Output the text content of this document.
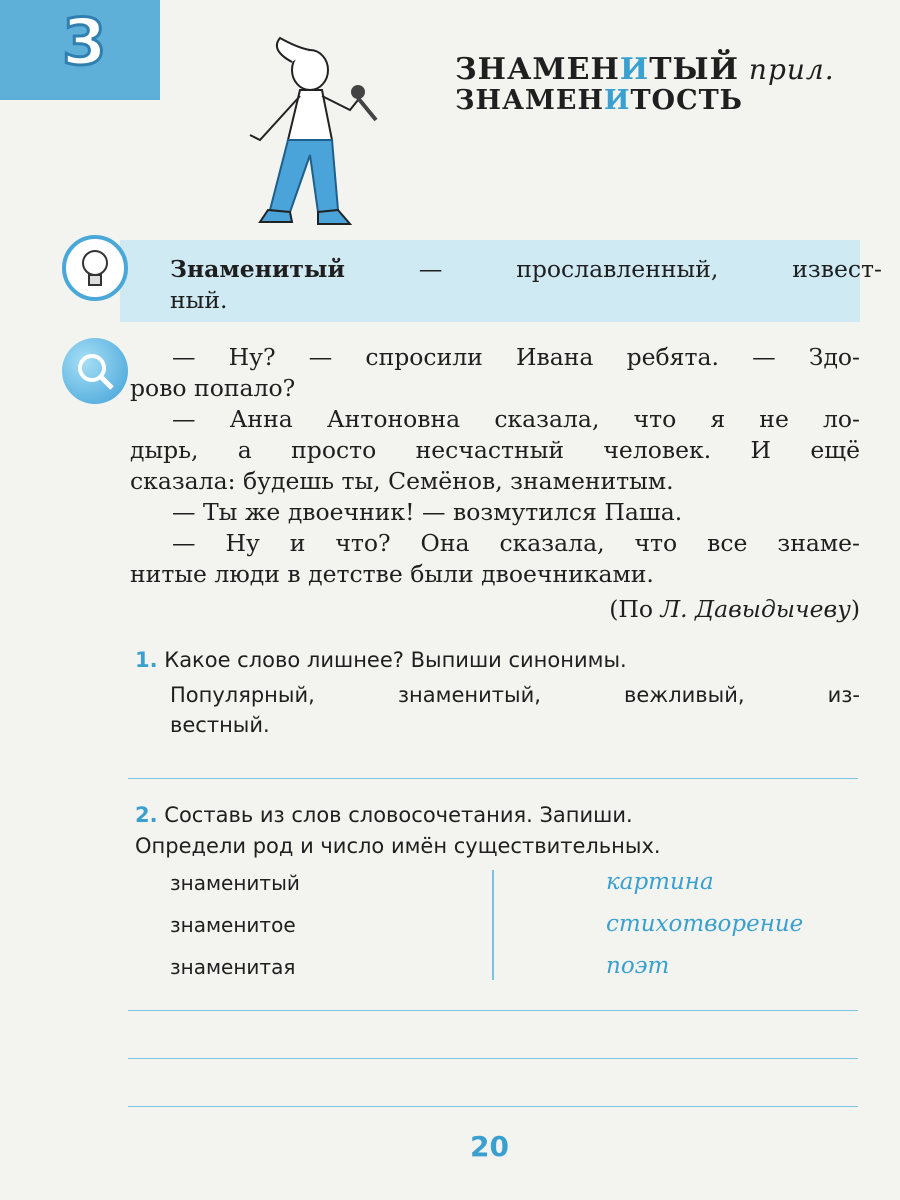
3	ЗНАМЕНИТЫЙ прил.
ЗНАМЕНИТОСТЬ
Знаменитый	— прославленный, извест-
ный.

— Ну? — спросили Ивана ребята. — Здо-

рово попало?

— Анна Антоновна сказала, что я не ло-

дырь, а просто несчастный человек. И ещё

сказала: будешь ты, Семёнов, знаменитым.

— Ты же двоечник! — возмутился Паша.

— Ну и что? Она сказала, что все знаме-

нитые люди в детстве были двоечниками.

(По Л. Давыдычеву)

1. Какое слово лишнее? Выпиши синонимы.
Популярный, знаменитый, вежливый, из-
вестный.
2. Составь из слов словосочетания. Запиши.
Определи род и число имён существительных.
знаменитый
знаменитое
знаменитая
картина
стихотворение
поэт
20
